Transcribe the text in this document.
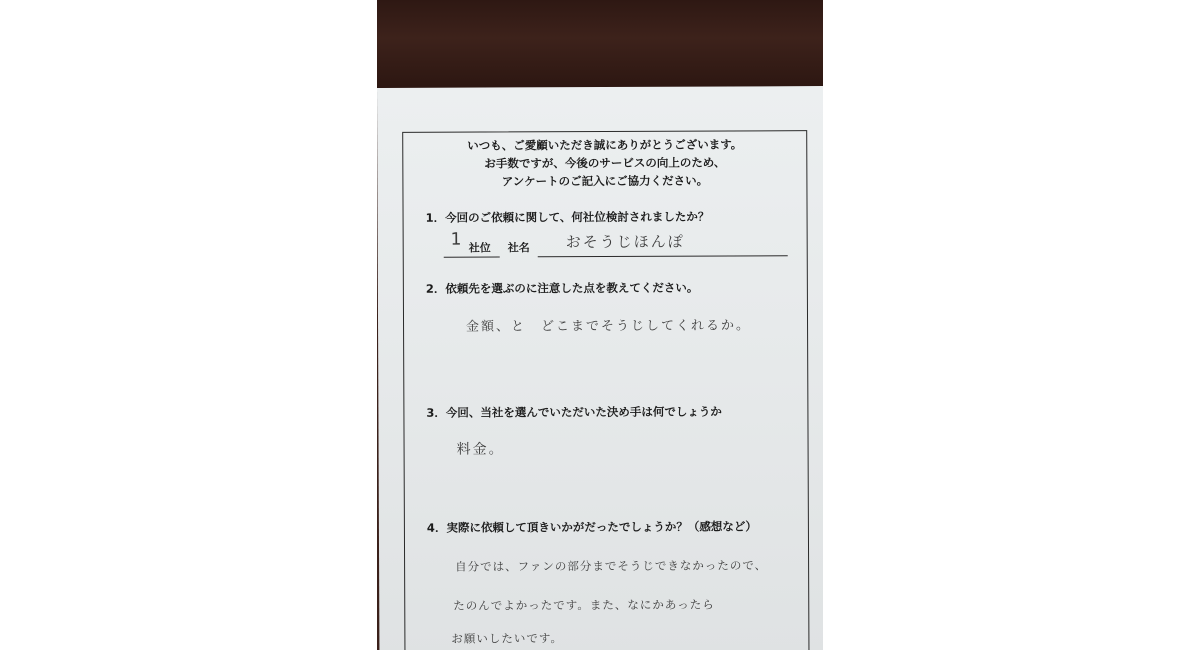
いつも、ご愛顧いただき誠にありがとうございます。
お手数ですが、今後のサービスの向上のため、
アンケートのご記入にご協力ください。
1．今回のご依頼に関して、何社位検討されましたか？
1 社位 社名 おそうじほんぽ
2．依頼先を選ぶのに注意した点を教えてください。
金額、と　どこまでそうじしてくれるか。
3．今回、当社を選んでいただいた決め手は何でしょうか
料金。
4．実際に依頼して頂きいかがだったでしょうか？（感想など）
自分では、ファンの部分までそうじできなかったので、
たのんでよかったです。また、なにかあったら
お願いしたいです。
